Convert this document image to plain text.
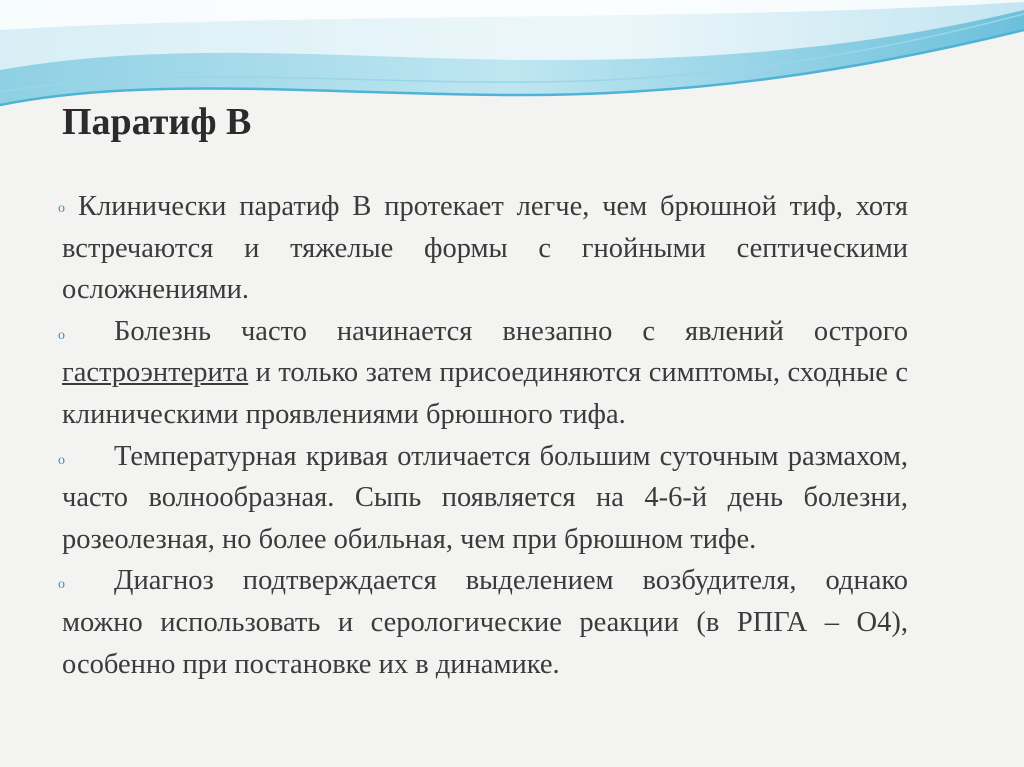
Паратиф В

o Клинически паратиф В протекает легче, чем брюшной тиф, хотя встречаются и тяжелые формы с гнойными септическими осложнениями.

o Болезнь часто начинается внезапно с явлений острого гастроэнтерита и только затем присоединяются симптомы, сходные с клиническими проявлениями брюшного тифа.

o Температурная кривая отличается большим суточным размахом, часто волнообразная. Сыпь появляется на 4-6-й день болезни, розеолезная, но более обильная, чем при брюшном тифе.

o Диагноз подтверждается выделением возбудителя, однако можно использовать и серологические реакции (в РПГА – О4), особенно при постановке их в динамике.
